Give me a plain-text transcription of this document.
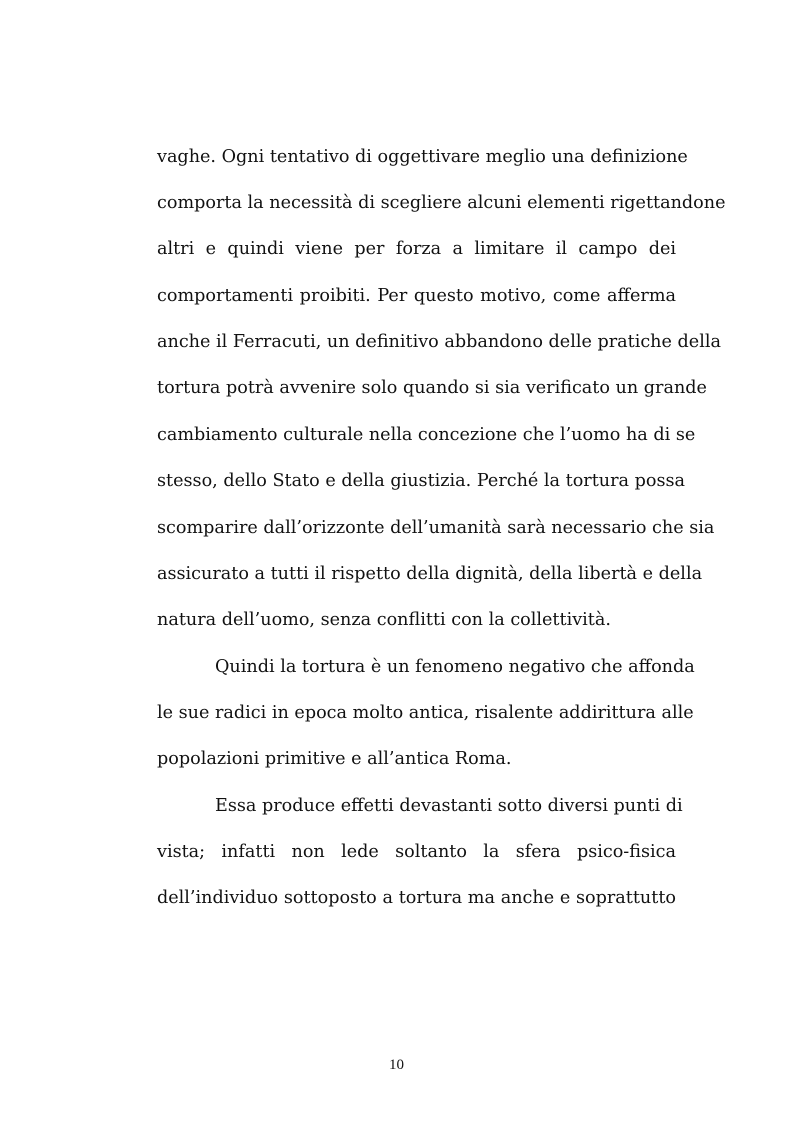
vaghe. Ogni tentativo di oggettivare meglio una definizione
comporta la necessità di scegliere alcuni elementi rigettandone
altri e quindi viene per forza a limitare il campo dei
comportamenti proibiti. Per questo motivo, come afferma
anche il Ferracuti, un definitivo abbandono delle pratiche della
tortura potrà avvenire solo quando si sia verificato un grande
cambiamento culturale nella concezione che l’uomo ha di se
stesso, dello Stato e della giustizia. Perché la tortura possa
scomparire dall’orizzonte dell’umanità sarà necessario che sia
assicurato a tutti il rispetto della dignità, della libertà e della
natura dell’uomo, senza conflitti con la collettività.
Quindi la tortura è un fenomeno negativo che affonda
le sue radici in epoca molto antica, risalente addirittura alle
popolazioni primitive e all’antica Roma.
Essa produce effetti devastanti sotto diversi punti di
vista; infatti non lede soltanto la sfera psico-fisica
dell’individuo sottoposto a tortura ma anche e soprattutto
10
